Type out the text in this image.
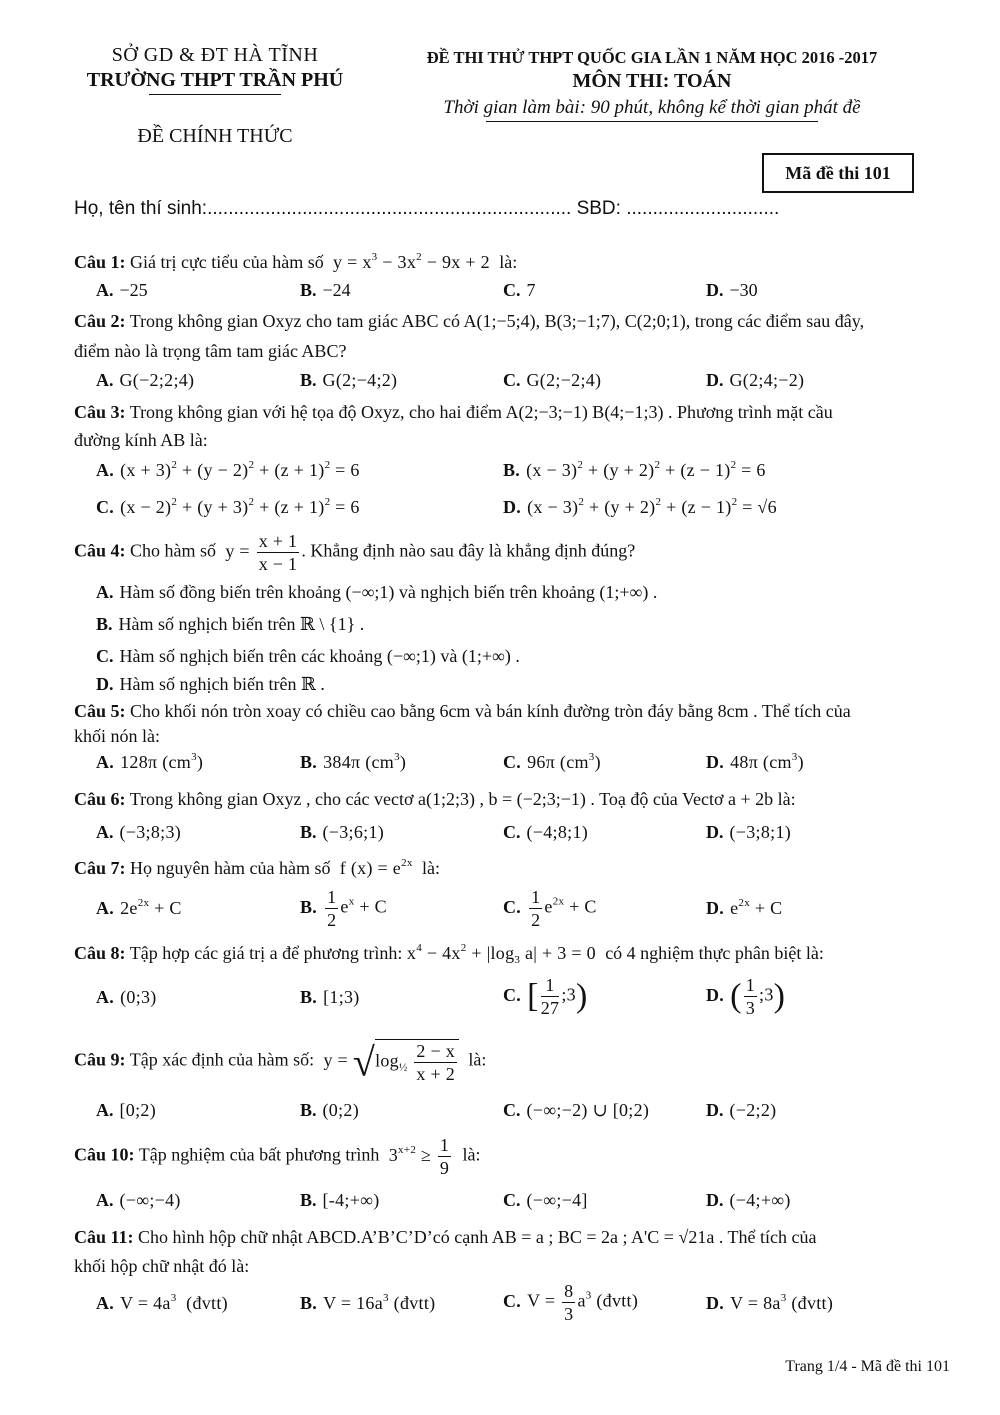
SỞ GD & ĐT HÀ TĨNH
TRƯỜNG THPT TRẦN PHÚ
ĐỀ CHÍNH THỨC
ĐỀ THI THỬ THPT QUỐC GIA LẦN 1 NĂM HỌC 2016 -2017
MÔN THI: TOÁN
Thời gian làm bài: 90 phút, không kể thời gian phát đề
Mã đề thi 101
Họ, tên thí sinh:..................................................................... SBD: .............................
Câu 1: Giá trị cực tiểu của hàm số  $y = x^3 - 3x^2 - 9x + 2$  là:
A. −25	B. −24	C. 7	D. −30
Câu 2: Trong không gian Oxyz cho tam giác ABC có A(1;−5;4), B(3;−1;7), C(2;0;1), trong các điểm sau đây,
điểm nào là trọng tâm tam giác ABC?
A. G(−2;2;4)	B. G(2;−4;2)	C. G(2;−2;4)	D. G(2;4;−2)
Câu 3: Trong không gian với hệ tọa độ Oxyz, cho hai điểm A(2;−3;−1) B(4;−1;3) . Phương trình mặt cầu
đường kính AB là:
A. $(x + 3)^2 + (y - 2)^2 + (z + 1)^2 = 6$	B. $(x - 3)^2 + (y + 2)^2 + (z - 1)^2 = 6$
C. $(x - 2)^2 + (y + 3)^2 + (z + 1)^2 = 6$	D. $(x - 3)^2 + (y + 2)^2 + (z - 1)^2 = √6$
Câu 4: Cho hàm số  $y = \frac{x + 1}{x - 1}$ . Khẳng định nào sau đây là khẳng định đúng?
A. Hàm số đồng biến trên khoảng (−∞;1) và nghịch biến trên khoảng (1;+∞) .
B. Hàm số nghịch biến trên ℝ \ {1} .
C. Hàm số nghịch biến trên các khoảng (−∞;1) và (1;+∞) .
D. Hàm số nghịch biến trên ℝ .
Câu 5: Cho khối nón tròn xoay có chiều cao bằng 6cm và bán kính đường tròn đáy bằng 8cm . Thể tích của
khối nón là:
A. 128π $(cm^3)$	B. 384π $(cm^3)$	C. 96π $(cm^3)$	D. 48π $(cm^3)$
Câu 6: Trong không gian Oxyz , cho các vectơ a(1;2;3) , b = (−2;3;−1) . Toạ độ của Vectơ a + 2b là:
A. (−3;8;3)	B. (−3;6;1)	C. (−4;8;1)	D. (−3;8;1)
Câu 7: Họ nguyên hàm của hàm số  f $(x) = e^{2x}$ là:
A. $2e^{2x} + C$	B. $\frac{1}{2} e^x + C$	C. $\frac{1}{2} e^{2x} + C$	D. $e^{2x} + C$
Câu 8: Tập hợp các giá trị a để phương trình: $x^4 - 4x^2 + |\log_3$ a| + 3 = 0  có 4 nghiệm thực phân biệt là:
A. (0;3)	B. [1;3)	C. [ $\frac{1}{27}$ ;3)	D. ( $\frac{1}{3}$ ;3)
Câu 9: Tập xác định của hàm số:  $y = √\log_{\frac{1}{2}} \frac{2 - x}{x + 2}$ là:
A. [0;2)	B. (0;2)	C. (−∞;−2) ∪ [0;2)	D. (−2;2)
Câu 10: Tập nghiệm của bất phương trình  $3^{x+2} \ge \frac{1}{9}$ là:
A. (−∞;−4)	B. [-4;+∞)	C. (−∞;−4]	D. (−4;+∞)
Câu 11: Cho hình hộp chữ nhật ABCD.A’B’C’D’có cạnh AB = a ; BC = 2a ; A'C = √21a . Thể tích của
khối hộp chữ nhật đó là:
A. $V = 4a^3$  (đvtt)	B. $V = 16a^3$ (đvtt)	C. $V = \frac{8}{3} a^3$ (đvtt)	D. $V = 8a^3$ (đvtt)
Trang 1/4 - Mã đề thi 101
